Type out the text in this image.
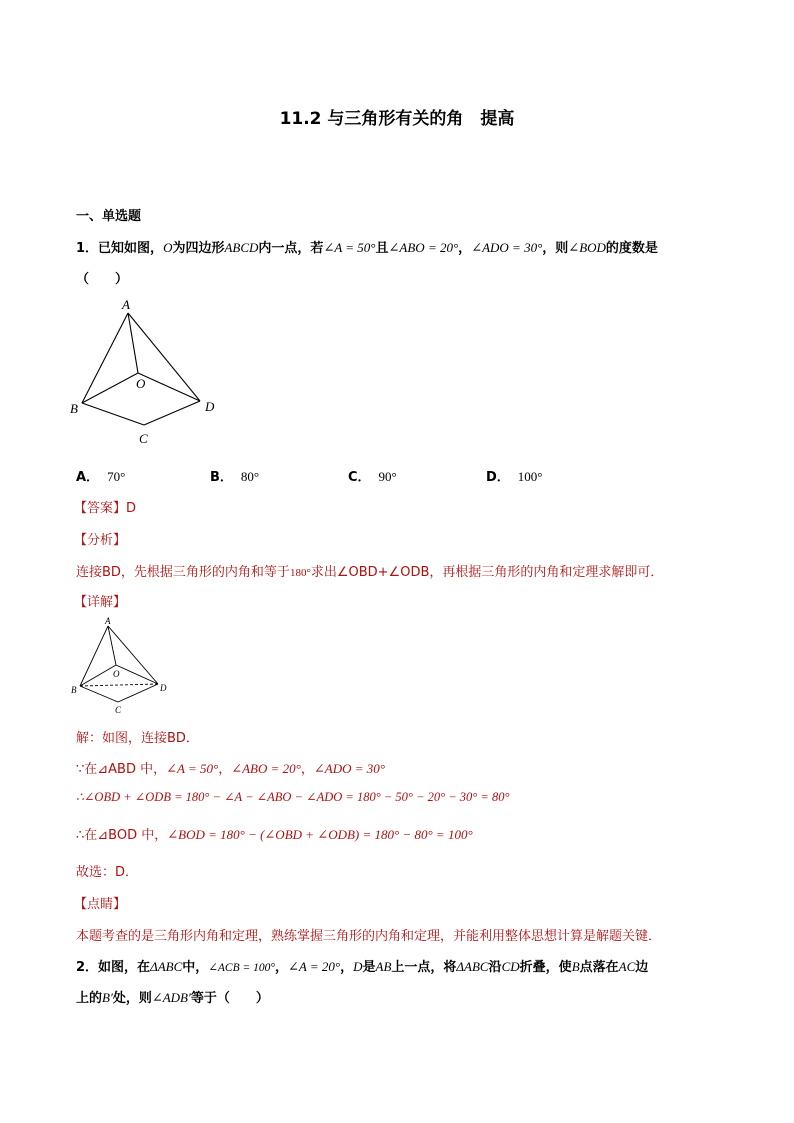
11.2 与三角形有关的角　提高
一、单选题
1．已知如图，O为四边形ABCD内一点，若∠A = 50°且∠ABO = 20°，∠ADO = 30°，则∠BOD的度数是
（　　）
A
O
B	D
C
A． 70°	B． 80°	C． 90°	D． 100°
【答案】D
【分析】
连接BD，先根据三角形的内角和等于180°求出∠OBD+∠ODB，再根据三角形的内角和定理求解即可．
【详解】
A
O
B	D
C
解：如图，连接BD．
∵在⊿ABD 中，∠A = 50°，∠ABO = 20°，∠ADO = 30°
∴∠OBD + ∠ODB = 180° − ∠A − ∠ABO − ∠ADO = 180° − 50° − 20° − 30° = 80°
∴在⊿BOD 中，∠BOD = 180° − (∠OBD + ∠ODB) = 180° − 80° = 100°
故选：D．
【点睛】
本题考查的是三角形内角和定理，熟练掌握三角形的内角和定理，并能利用整体思想计算是解题关键．
2．如图，在ΔABC中，∠ACB = 100°，∠A = 20°，D是AB上一点，将ΔABC沿CD折叠，使B点落在AC边
上的B′处，则∠ADB′等于（　　）
